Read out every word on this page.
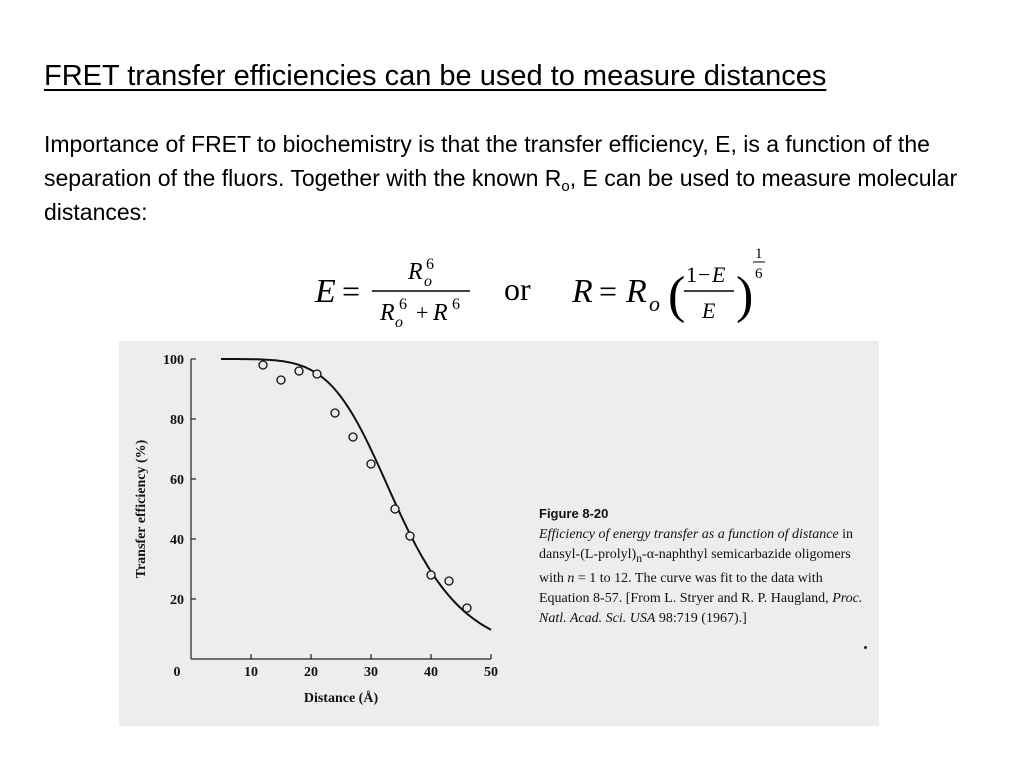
FRET transfer efficiencies can be used to measure distances
Importance of FRET to biochemistry is that the transfer efficiency, E, is a function of the separation of the fluors. Together with the known $R_o$, E can be used to measure molecular distances:
E =
R o
6
R o
6 + R 6 or R = R o ( 1 − E
E )
1
6
0	10	20	30	40	50
20
40
60
80
100
Transfer efficiency (%)
Distance (Å)
Figure 8-20
Efficiency of energy transfer as a function of distance in dansyl-$(L-prolyl)_n-\alpha$-naphthyl semicarbazide oligomers with n = 1 to 12. The curve was fit to the data with Equation 8-57. [From L. Stryer and R. P. Haugland, Proc. Natl. Acad. Sci. USA 98:719 (1967).]
